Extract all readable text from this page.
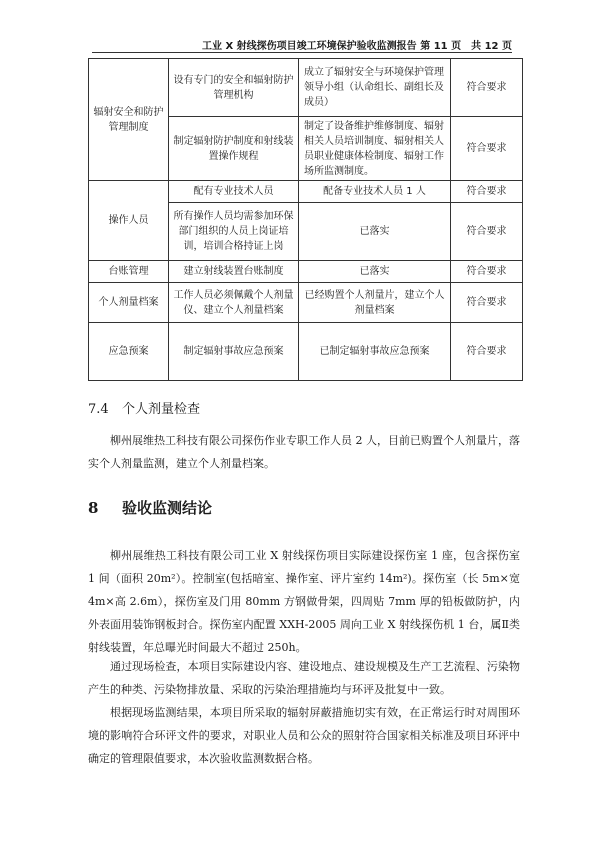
工业 X 射线探伤项目竣工环境保护验收监测报告 第 11 页　共 12 页
辐射安全和防护管理制度	设有专门的安全和辐射防护管理机构	成立了辐射安全与环境保护管理领导小组（认命组长、副组长及成员）	符合要求
	制定辐射防护制度和射线装置操作规程	制定了设备维护维修制度、辐射相关人员培训制度、辐射相关人员职业健康体检制度、辐射工作场所监测制度。	符合要求
操作人员	配有专业技术人员	配备专业技术人员 1 人	符合要求
	所有操作人员均需参加环保部门组织的人员上岗证培训，培训合格持证上岗	已落实	符合要求
台账管理	建立射线装置台账制度	已落实	符合要求
个人剂量档案	工作人员必须佩戴个人剂量仪、建立个人剂量档案	已经购置个人剂量片，建立个人剂量档案	符合要求
应急预案	制定辐射事故应急预案	已制定辐射事故应急预案	符合要求
7.4 个人剂量检查

柳州展维热工科技有限公司探伤作业专职工作人员 2 人，目前已购置个人剂量片，落实个人剂量监测，建立个人剂量档案。

8 验收监测结论

柳州展维热工科技有限公司工业 X 射线探伤项目实际建设探伤室 1 座，包含探伤室 1 间（面积 20m²）。控制室(包括暗室、操作室、评片室约 14m²)。探伤室（长 5m×宽 4m×高 2.6m），探伤室及门用 80mm 方钢做骨架，四周贴 7mm 厚的铅板做防护，内外表面用装饰钢板封合。探伤室内配置 XXH-2005 周向工业 X 射线探伤机 1 台，属Ⅱ类射线装置，年总曝光时间最大不超过 250h。

通过现场检查，本项目实际建设内容、建设地点、建设规模及生产工艺流程、污染物产生的种类、污染物排放量、采取的污染治理措施均与环评及批复中一致。

根据现场监测结果，本项目所采取的辐射屏蔽措施切实有效，在正常运行时对周围环境的影响符合环评文件的要求，对职业人员和公众的照射符合国家相关标准及项目环评中确定的管理限值要求，本次验收监测数据合格。
